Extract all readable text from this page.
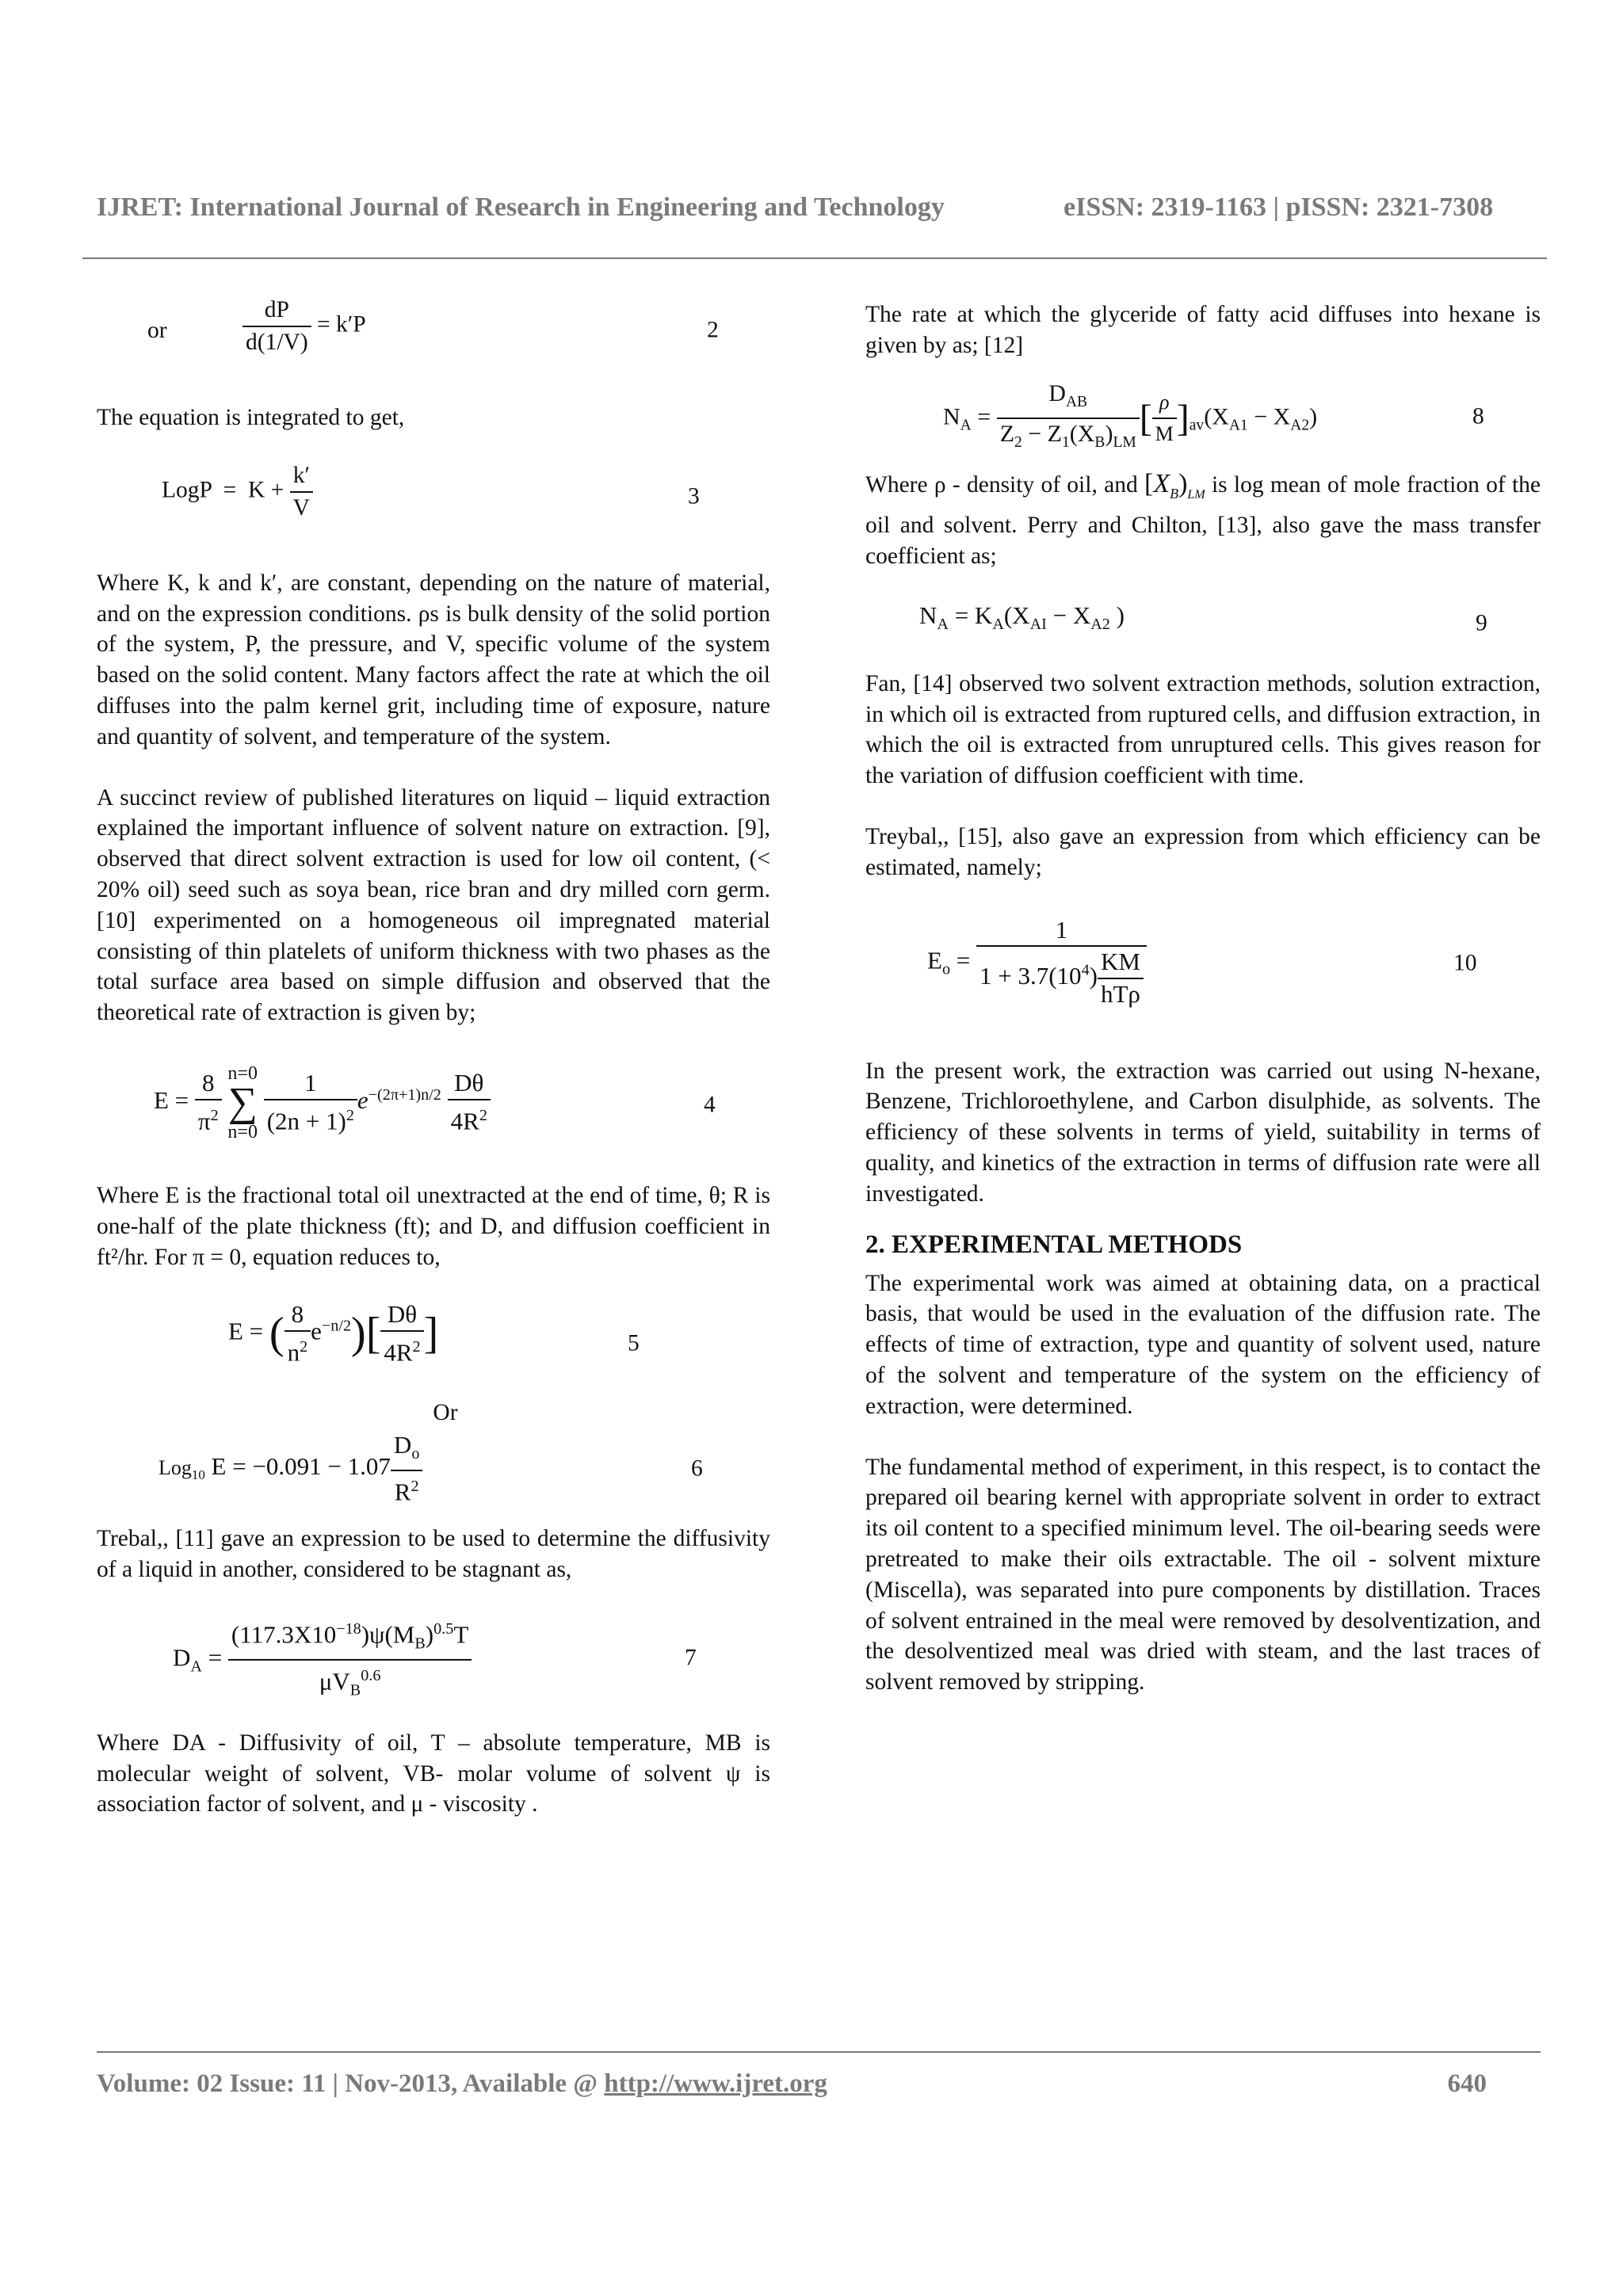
IJRET: International Journal of Research in Engineering and Technology	eISSN: 2319-1163 | pISSN: 2321-7308
or	$\frac{dP}{d(1/V)} = k'P$	2

The equation is integrated to get,

LogP  =  $K + \frac{k'}{V}$	3

Where K, k and k′, are constant, depending on the nature of material, and on the expression conditions. ρs is bulk density of the solid portion of the system, P, the pressure, and V, specific volume of the system based on the solid content. Many factors affect the rate at which the oil diffuses into the palm kernel grit, including time of exposure, nature and quantity of solvent, and temperature of the system.

A succinct review of published literatures on liquid – liquid extraction explained the important influence of solvent nature on extraction. [9], observed that direct solvent extraction is used for low oil content, (< 20% oil) seed such as soya bean, rice bran and dry milled corn germ. [10] experimented on a homogeneous oil impregnated material consisting of thin platelets of uniform thickness with two phases as the total surface area based on simple diffusion and observed that the theoretical rate of extraction is given by;

$E = \frac{8}{\pi^2}$
n=0
∑
n=0
$\frac{1}{(2n + 1)^2} e^{-(2\pi+1)n/2} \frac{D\theta}{4R^2}$	4

Where E is the fractional total oil unextracted at the end of time, θ; R is one-half of the plate thickness (ft); and D, and diffusion coefficient in ft²/hr. For π = 0, equation reduces to,

E = ( $\frac{8}{n^2} e^{-n/2})[ \frac{D\theta}{4R^2}$ ]	5
Or
Log$_{10}$ $E = -0.091 - 1.07 \frac{D_o}{R^2}$	6

Trebal,, [11] gave an expression to be used to determine the diffusivity of a liquid in another, considered to be stagnant as,

$D_A = \frac{(117.3X10^{-18})\psi(M_B)^{0.5}T}{\mu V_B^{0.6}}$	7

Where DA - Diffusivity of oil, T – absolute temperature, MB is molecular weight of solvent, VB- molar volume of solvent ψ is association factor of solvent, and μ - viscosity .

The rate at which the glyceride of fatty acid diffuses into hexane is given by as; [12]

$N_A = \frac{D_{AB}}{Z_2 - Z_1(X_B)_{LM}}$ [ $\frac{\rho}{M} ]_{av}(X_{A1} - X_{A2})$	8

Where ρ - density of oil, and $[X_B)_{LM}$ is log mean of mole fraction of the oil and solvent. Perry and Chilton, [13], also gave the mass transfer coefficient as;

$N_A = K_A(X_{AI} - X_{A2}$ )	9

Fan, [14] observed two solvent extraction methods, solution extraction, in which oil is extracted from ruptured cells, and diffusion extraction, in which the oil is extracted from unruptured cells. This gives reason for the variation of diffusion coefficient with time.

Treybal,, [15], also gave an expression from which efficiency can be estimated, namely;

$E_o = \frac{1}{1 + 3.7(10^4) \frac{KM}{\text{hTρ}}}$	10

In the present work, the extraction was carried out using N-hexane, Benzene, Trichloroethylene, and Carbon disulphide, as solvents. The efficiency of these solvents in terms of yield, suitability in terms of quality, and kinetics of the extraction in terms of diffusion rate were all investigated.

2. EXPERIMENTAL METHODS

The experimental work was aimed at obtaining data, on a practical basis, that would be used in the evaluation of the diffusion rate. The effects of time of extraction, type and quantity of solvent used, nature of the solvent and temperature of the system on the efficiency of extraction, were determined.

The fundamental method of experiment, in this respect, is to contact the prepared oil bearing kernel with appropriate solvent in order to extract its oil content to a specified minimum level. The oil-bearing seeds were pretreated to make their oils extractable. The oil - solvent mixture (Miscella), was separated into pure components by distillation. Traces of solvent entrained in the meal were removed by desolventization, and the desolventized meal was dried with steam, and the last traces of solvent removed by stripping.

Volume: 02 Issue: 11 | Nov-2013, Available @ http://www.ijret.org	640
